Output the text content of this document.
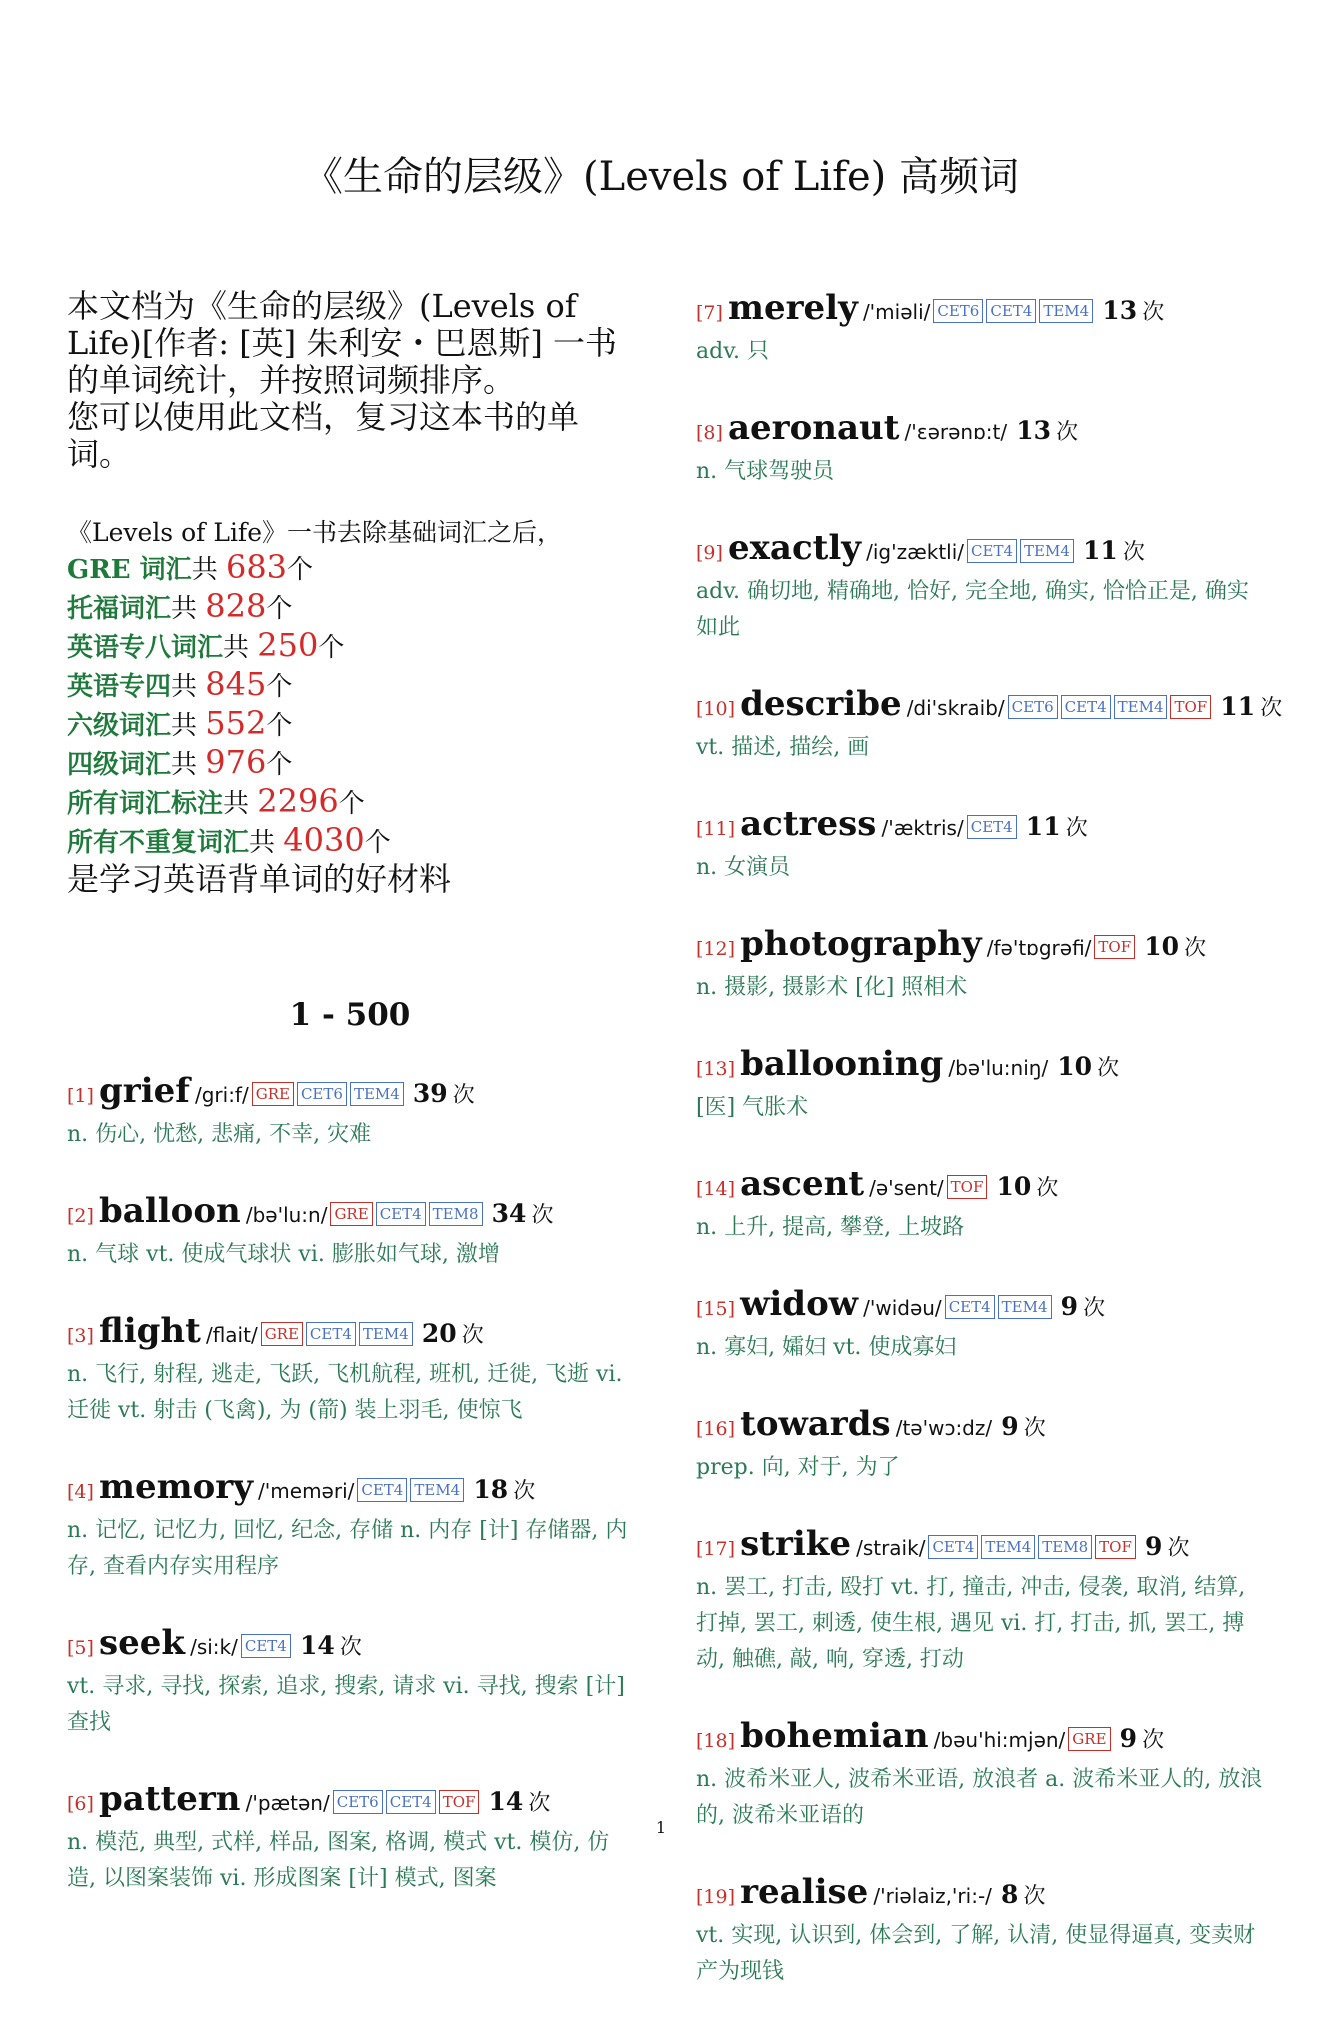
《生命的层级》(Levels of Life) 高频词

本文档为《生命的层级》(Levels of Life)[作者: [英] 朱利安・巴恩斯] 一书的单词统计，并按照词频排序。

您可以使用此文档，复习这本书的单词。

《Levels of Life》一书去除基础词汇之后，
GRE 词汇共 683个
托福词汇共 828个
英语专八词汇共 250个
英语专四共 845个
六级词汇共 552个
四级词汇共 976个
所有词汇标注共 2296个
所有不重复词汇共 4030个
是学习英语背单词的好材料
1 - 500
[1] grief /gri:f/ GRE CET6 TEM4 39 次
n. 伤心, 忧愁, 悲痛, 不幸, 灾难
[2] balloon /bə'lu:n/ GRE CET4 TEM8 34 次
n. 气球 vt. 使成气球状 vi. 膨胀如气球, 激增
[3] flight /flait/ GRE CET4 TEM4 20 次
n. 飞行, 射程, 逃走, 飞跃, 飞机航程, 班机, 迁徙, 飞逝 vi. 迁徙 vt. 射击 (飞禽), 为 (箭) 装上羽毛, 使惊飞
[4] memory /'meməri/ CET4 TEM4 18 次
n. 记忆, 记忆力, 回忆, 纪念, 存储 n. 内存 [计] 存储器, 内存, 查看内存实用程序
[5] seek /si:k/ CET4 14 次
vt. 寻求, 寻找, 探索, 追求, 搜索, 请求 vi. 寻找, 搜索 [计] 查找
[6] pattern /'pætən/ CET6 CET4 TOF 14 次
n. 模范, 典型, 式样, 样品, 图案, 格调, 模式 vt. 模仿, 仿造, 以图案装饰 vi. 形成图案 [计] 模式, 图案
[7] merely /'miəli/ CET6 CET4 TEM4 13 次
adv. 只
[8] aeronaut /'ɛərənɒ:t/ 13 次
n. 气球驾驶员
[9] exactly /ig'zæktli/ CET4 TEM4 11 次
adv. 确切地, 精确地, 恰好, 完全地, 确实, 恰恰正是, 确实如此
[10] describe /di'skraib/ CET6 CET4 TEM4 TOF 11 次
vt. 描述, 描绘, 画
[11] actress /'æktris/ CET4 11 次
n. 女演员
[12] photography /fə'tɒgrəfi/ TOF 10 次
n. 摄影, 摄影术 [化] 照相术
[13] ballooning /bə'lu:niŋ/ 10 次
[医] 气胀术
[14] ascent /ə'sent/ TOF 10 次
n. 上升, 提高, 攀登, 上坡路
[15] widow /'widəu/ CET4 TEM4 9 次
n. 寡妇, 孀妇 vt. 使成寡妇
[16] towards /tə'wɔ:dz/ 9 次
prep. 向, 对于, 为了
[17] strike /straik/ CET4 TEM4 TEM8 TOF 9 次
n. 罢工, 打击, 殴打 vt. 打, 撞击, 冲击, 侵袭, 取消, 结算, 打掉, 罢工, 刺透, 使生根, 遇见 vi. 打, 打击, 抓, 罢工, 搏动, 触礁, 敲, 响, 穿透, 打动
[18] bohemian /bəu'hi:mjən/ GRE 9 次
n. 波希米亚人, 波希米亚语, 放浪者 a. 波希米亚人的, 放浪的, 波希米亚语的
[19] realise /'riəlaiz,'ri:-/ 8 次
vt. 实现, 认识到, 体会到, 了解, 认清, 使显得逼真, 变卖财产为现钱
1
